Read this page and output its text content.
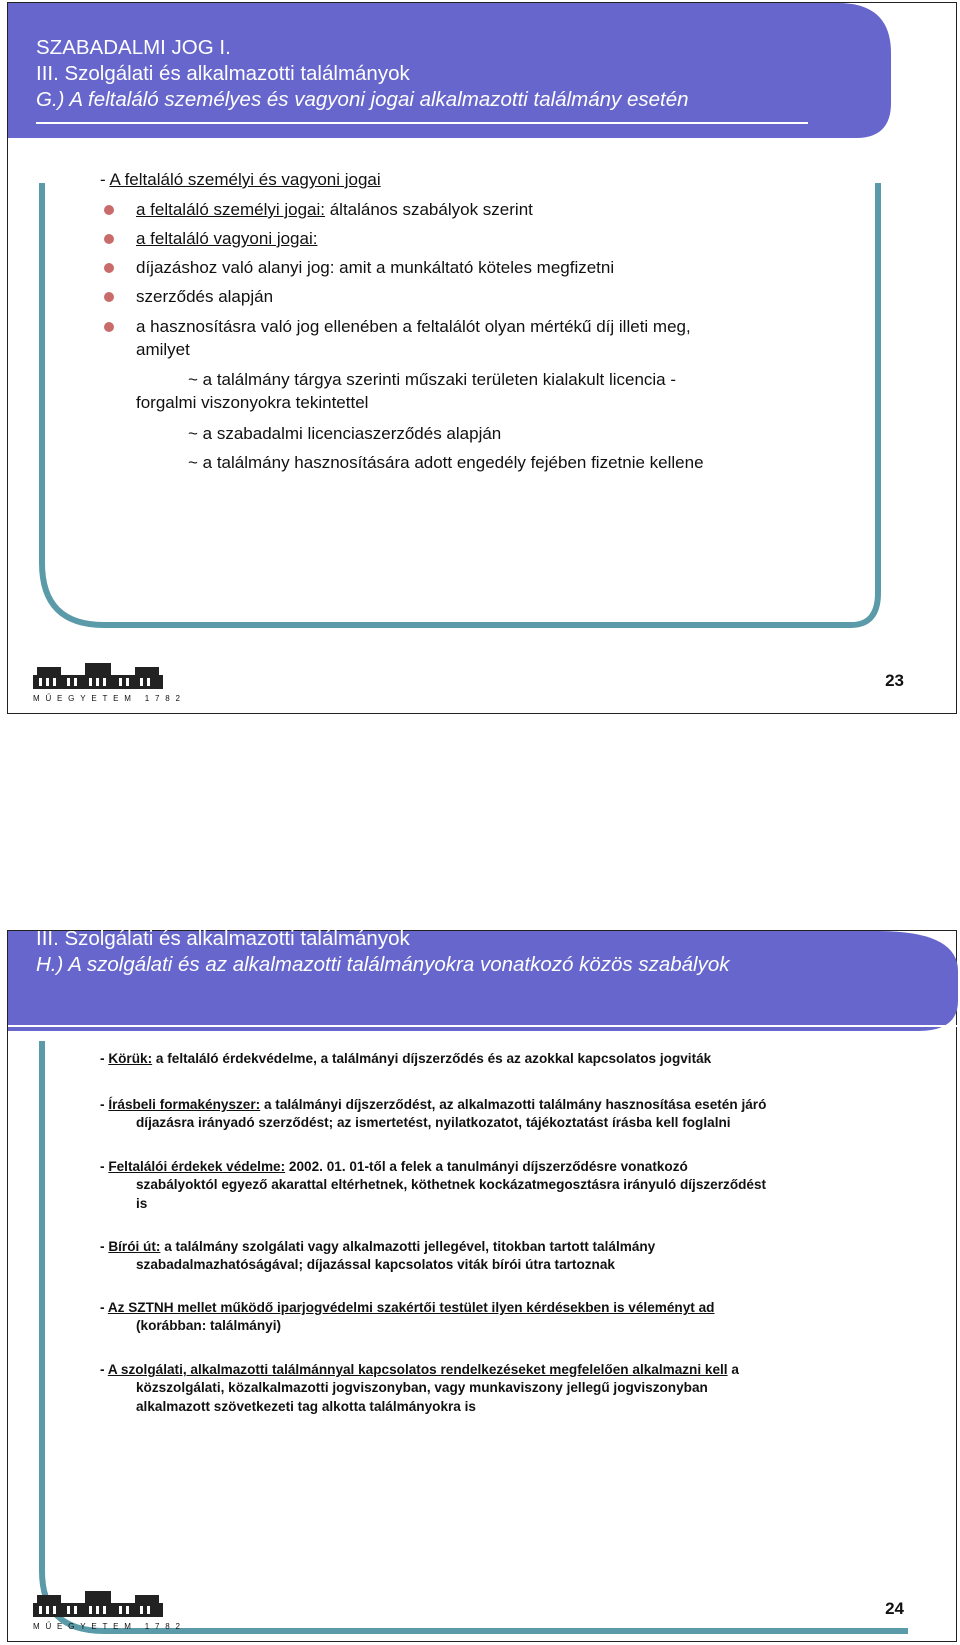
SZABADALMI JOG I.
III. Szolgálati és alkalmazotti találmányok
G.) A feltaláló személyes és vagyoni jogai alkalmazotti találmány esetén
- A feltaláló személyi és vagyoni jogai
a feltaláló személyi jogai: általános szabályok szerint
a feltaláló vagyoni jogai:
díjazáshoz való alanyi jog: amit a munkáltató köteles megfizetni
szerződés alapján
a hasznosításra való jog ellenében a feltalálót olyan mértékű díj illeti meg,
amilyet
~ a találmány tárgya szerinti műszaki területen kialakult licencia -
forgalmi viszonyokra tekintettel
~ a szabadalmi licenciaszerződés alapján
~ a találmány hasznosítására adott engedély fejében fizetnie kellene
MŰEGYETEM 1782
23
SZABADALMI JOG I.
III. Szolgálati és alkalmazotti találmányok
H.) A szolgálati és az alkalmazotti találmányokra vonatkozó közös szabályok
- Körük: a feltaláló érdekvédelme, a találmányi díjszerződés és az azokkal kapcsolatos jogviták
- Írásbeli formakényszer: a találmányi díjszerződést, az alkalmazotti találmány hasznosítása esetén járó
díjazásra irányadó szerződést; az ismertetést, nyilatkozatot, tájékoztatást írásba kell foglalni
- Feltalálói érdekek védelme: 2002. 01. 01-től a felek a tanulmányi díjszerződésre vonatkozó
szabályoktól egyező akarattal eltérhetnek, köthetnek kockázatmegosztásra irányuló díjszerződést
is
- Bírói út: a találmány szolgálati vagy alkalmazotti jellegével, titokban tartott találmány
szabadalmazhatóságával; díjazással kapcsolatos viták bírói útra tartoznak
- Az SZTNH mellet működő iparjogvédelmi szakértői testület ilyen kérdésekben is véleményt ad
(korábban: találmányi)
- A szolgálati, alkalmazotti találmánnyal kapcsolatos rendelkezéseket megfelelően alkalmazni kell a
közszolgálati, közalkalmazotti jogviszonyban, vagy munkaviszony jellegű jogviszonyban
alkalmazott szövetkezeti tag alkotta találmányokra is
MŰEGYETEM 1782
24
